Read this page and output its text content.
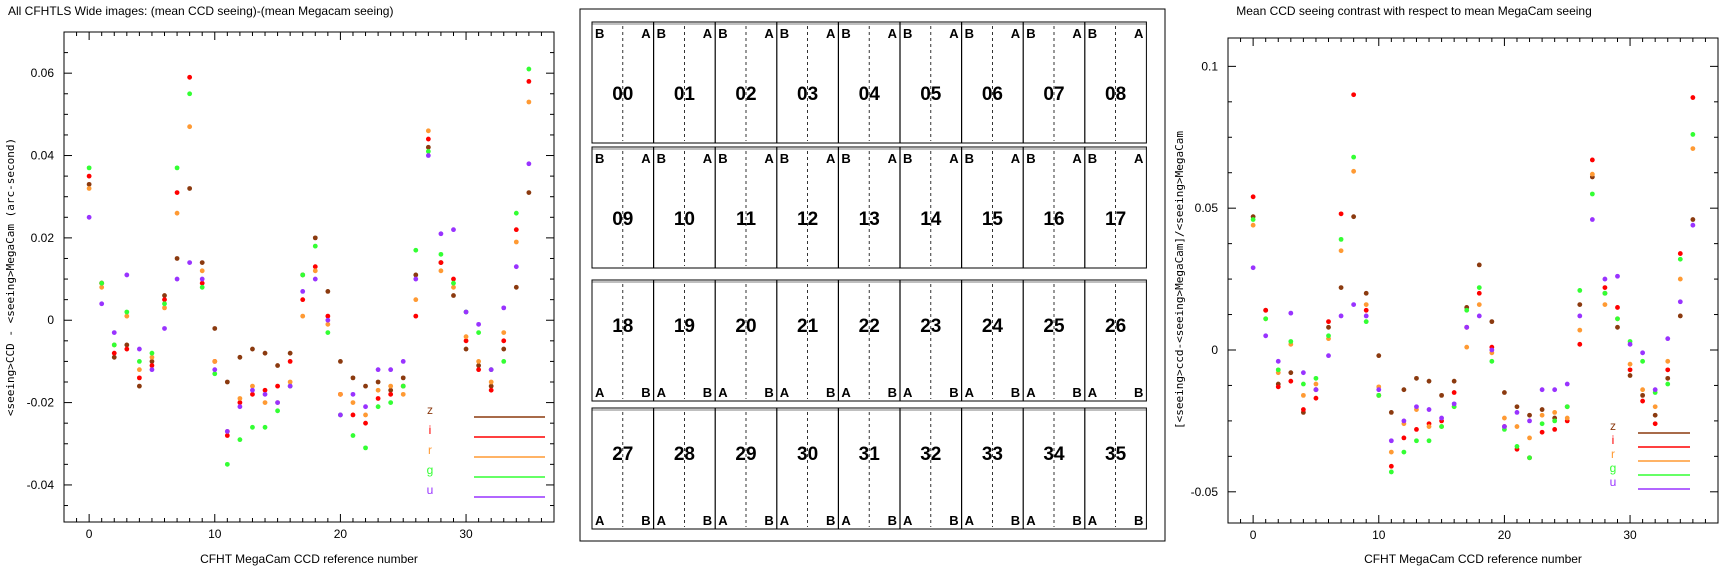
All CFHTLS Wide images: (mean CCD seeing)-(mean Megacam seeing)
CFHT MegaCam CCD reference number
<seeing>CCD - <seeing>MegaCam (arc-second)
0	10	20	30
-0.04
-0.02
0
0.02
0.04
0.06
z
i
r
g
u
B	A
00
B	A
01
B	A
02
B	A
03
B	A
04
B	A
05
B	A
06
B	A
07
B	A
08
B	A
09
B	A
10
B	A
11
B	A
12
B	A
13
B	A
14
B	A
15
B	A
16
B	A
17
A	B
18
A	B
19
A	B
20
A	B
21
A	B
22
A	B
23
A	B
24
A	B
25
A	B
26
A	B
27
A	B
28
A	B
29
A	B
30
A	B
31
A	B
32
A	B
33
A	B
34
A	B
35
Mean CCD seeing contrast with respect to mean MegaCam seeing
CFHT MegaCam CCD reference number
[<seeing>ccd-<seeing>MegaCam]/<seeing>MegaCam
0	10	20	30
-0.05
0
0.05
0.1
z
i
r
g
u
